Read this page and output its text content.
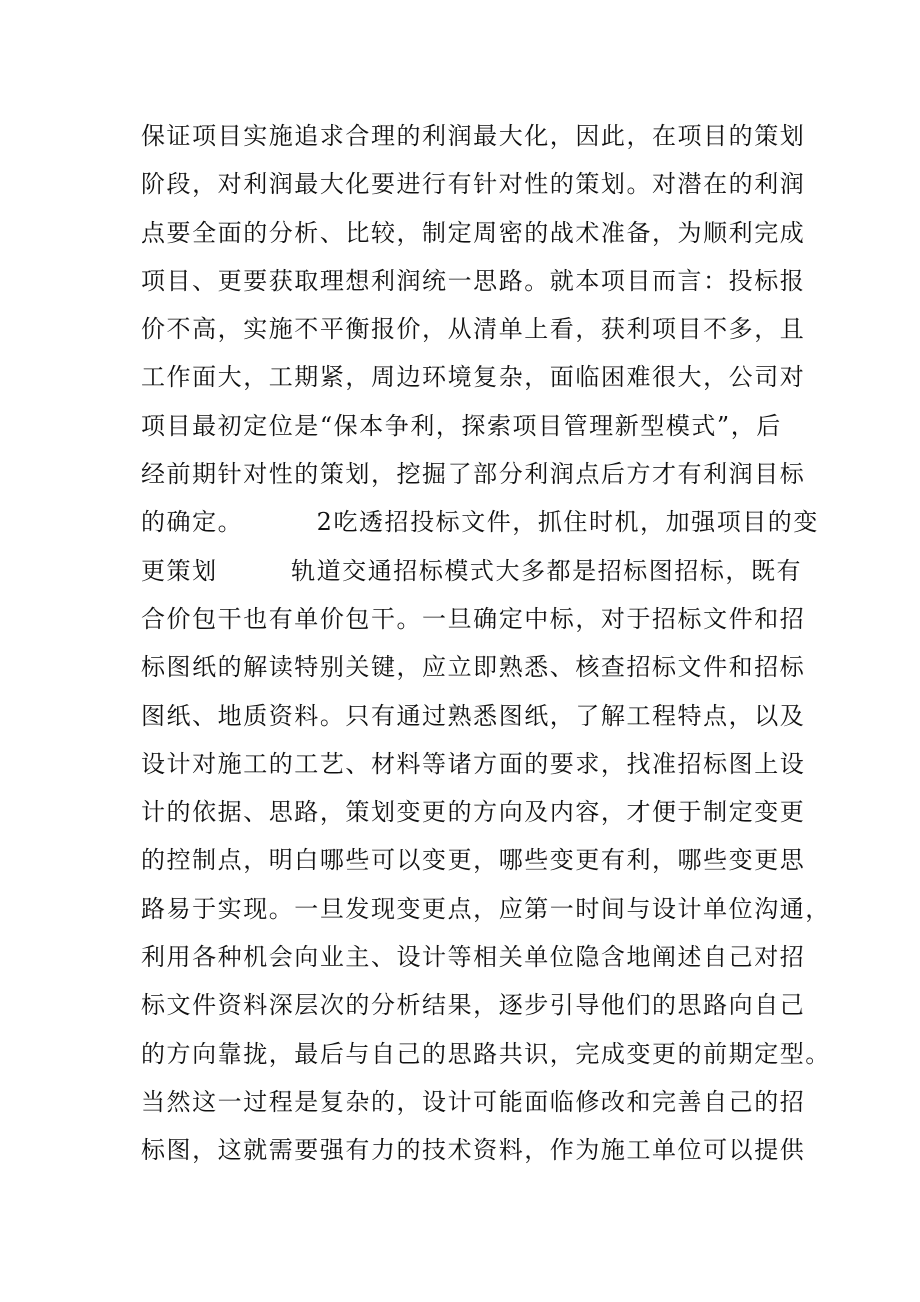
保证项目实施追求合理的利润最大化，因此，在项目的策划
阶段，对利润最大化要进行有针对性的策划。对潜在的利润
点要全面的分析、比较，制定周密的战术准备，为顺利完成
项目、更要获取理想利润统一思路。就本项目而言：投标报
价不高，实施不平衡报价，从清单上看，获利项目不多，且
工作面大，工期紧，周边环境复杂，面临困难很大，公司对
项目最初定位是“保本争利，探索项目管理新型模式”，后
经前期针对性的策划，挖掘了部分利润点后方才有利润目标
的确定。        2吃透招投标文件，抓住时机，加强项目的变
更策划        轨道交通招标模式大多都是招标图招标，既有
合价包干也有单价包干。一旦确定中标，对于招标文件和招
标图纸的解读特别关键，应立即熟悉、核查招标文件和招标
图纸、地质资料。只有通过熟悉图纸，了解工程特点，以及
设计对施工的工艺、材料等诸方面的要求，找准招标图上设
计的依据、思路，策划变更的方向及内容，才便于制定变更
的控制点，明白哪些可以变更，哪些变更有利，哪些变更思
路易于实现。一旦发现变更点，应第一时间与设计单位沟通，
利用各种机会向业主、设计等相关单位隐含地阐述自己对招
标文件资料深层次的分析结果，逐步引导他们的思路向自己
的方向靠拢，最后与自己的思路共识，完成变更的前期定型。
当然这一过程是复杂的，设计可能面临修改和完善自己的招
标图，这就需要强有力的技术资料，作为施工单位可以提供
